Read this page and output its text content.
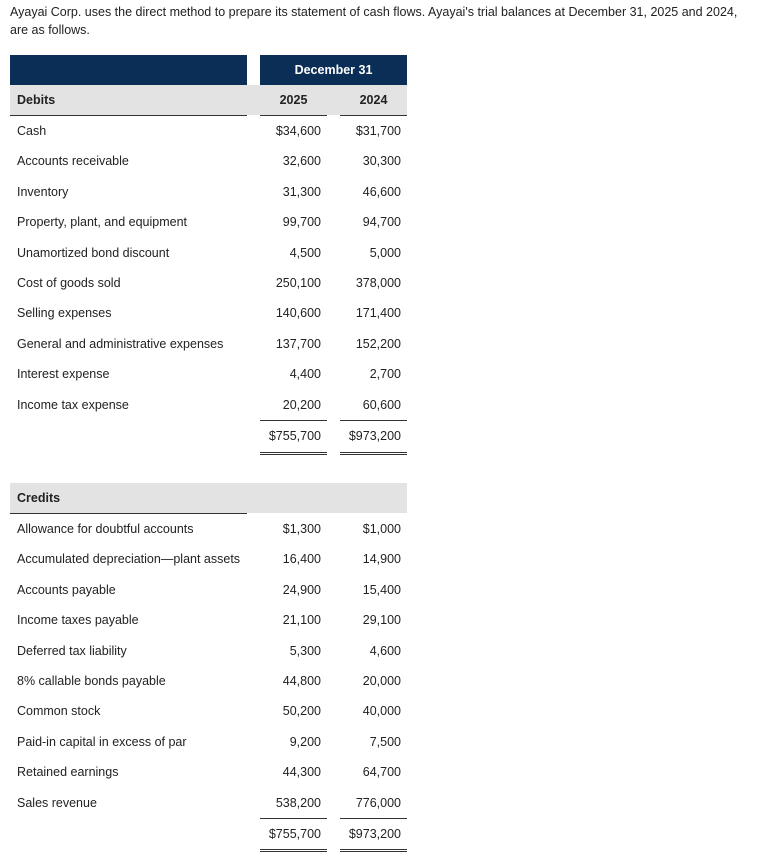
Ayayai Corp. uses the direct method to prepare its statement of cash flows. Ayayai's trial balances at December 31, 2025 and 2024, are as follows.
December 31
Debits	2025	2024
Cash	$34,600	$31,700
Accounts receivable	32,600	30,300
Inventory	31,300	46,600
Property, plant, and equipment	99,700	94,700
Unamortized bond discount	4,500	5,000
Cost of goods sold	250,100	378,000
Selling expenses	140,600	171,400
General and administrative expenses	137,700	152,200
Interest expense	4,400	2,700
Income tax expense	20,200	60,600
$755,700	$973,200
Credits
Allowance for doubtful accounts	$1,300	$1,000
Accumulated depreciation—plant assets	16,400	14,900
Accounts payable	24,900	15,400
Income taxes payable	21,100	29,100
Deferred tax liability	5,300	4,600
8% callable bonds payable	44,800	20,000
Common stock	50,200	40,000
Paid-in capital in excess of par	9,200	7,500
Retained earnings	44,300	64,700
Sales revenue	538,200	776,000
$755,700	$973,200
